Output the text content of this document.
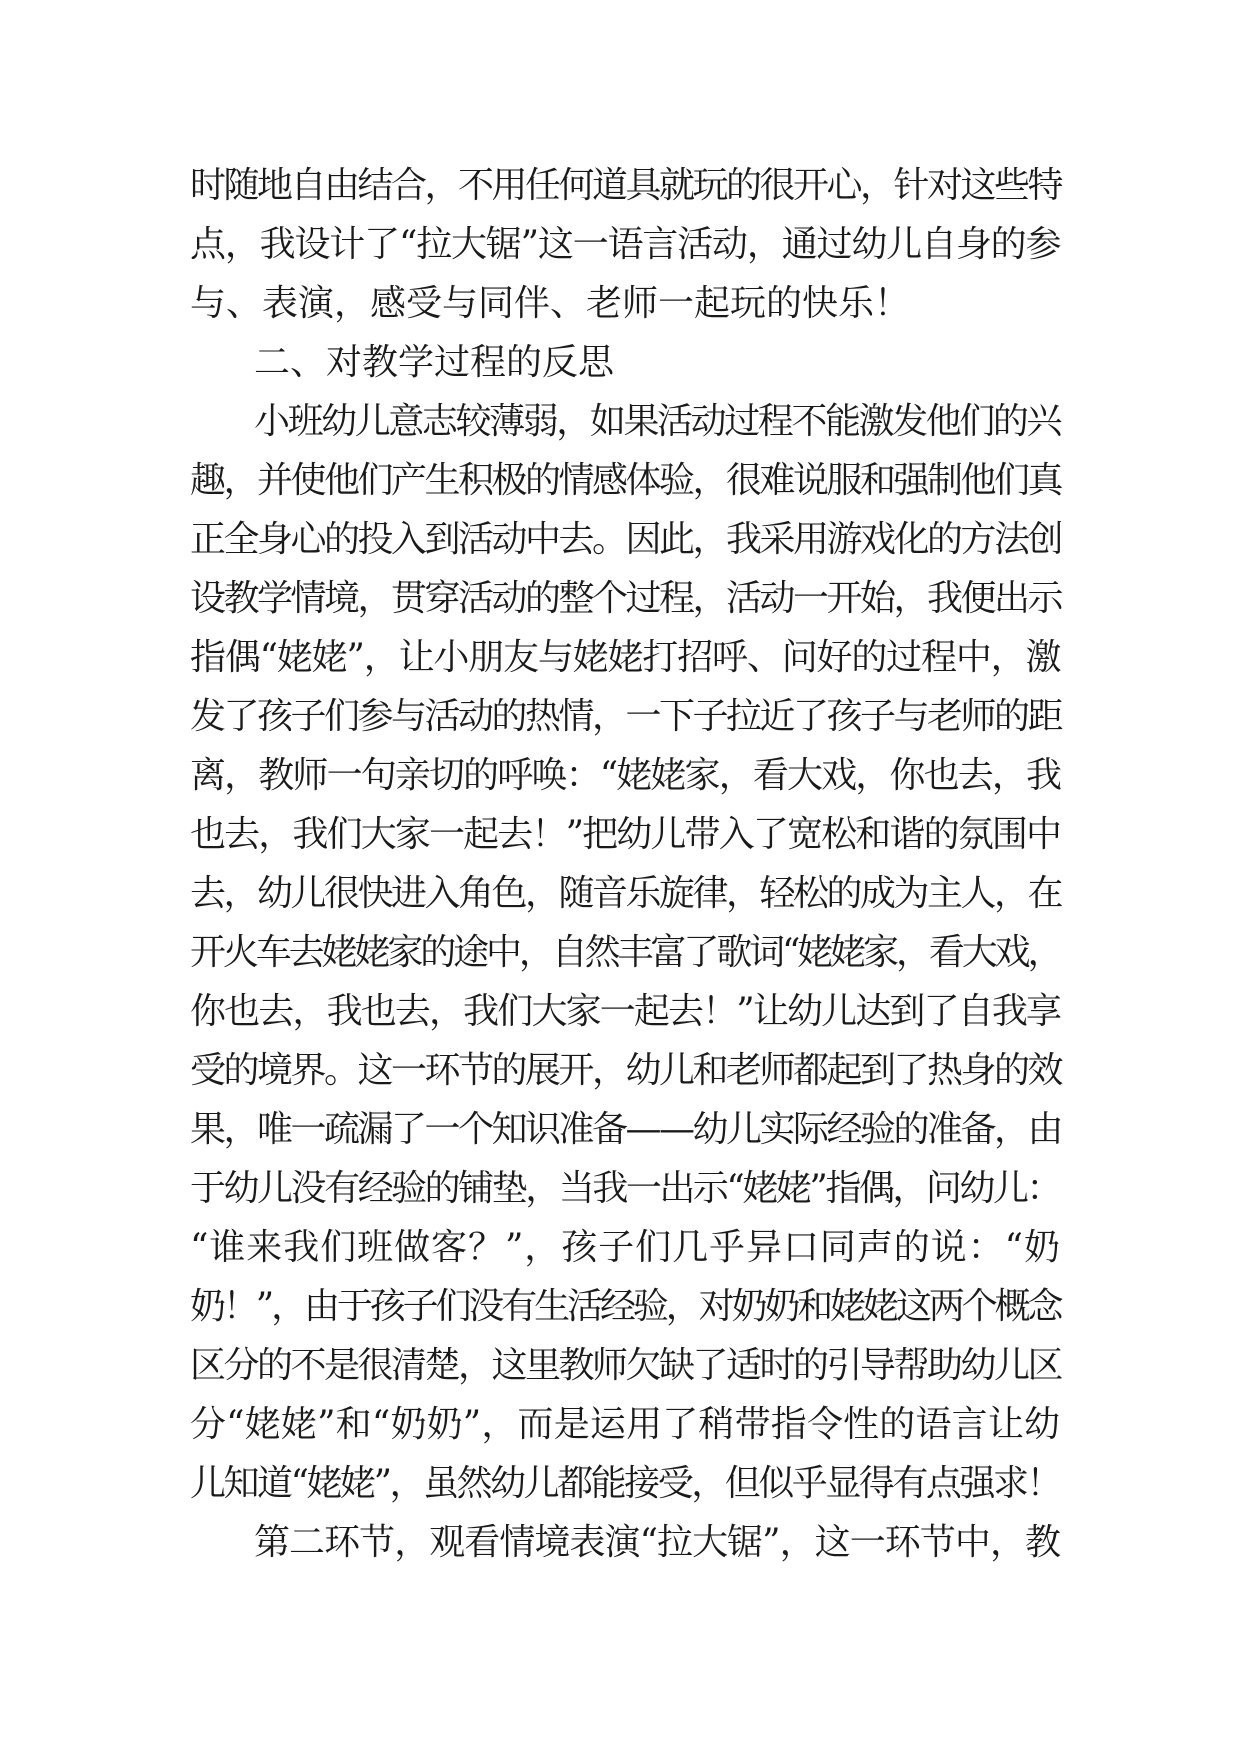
时随地自由结合，不用任何道具就玩的很开心，针对这些特
点，我设计了“拉大锯”这一语言活动，通过幼儿自身的参
与、表演，感受与同伴、老师一起玩的快乐！
二、对教学过程的反思
小班幼儿意志较薄弱，如果活动过程不能激发他们的兴
趣，并使他们产生积极的情感体验，很难说服和强制他们真
正全身心的投入到活动中去。因此，我采用游戏化的方法创
设教学情境，贯穿活动的整个过程，活动一开始，我便出示
指偶“姥姥”，让小朋友与姥姥打招呼、问好的过程中，激
发了孩子们参与活动的热情，一下子拉近了孩子与老师的距
离，教师一句亲切的呼唤：“姥姥家，看大戏，你也去，我
也去，我们大家一起去！”把幼儿带入了宽松和谐的氛围中
去，幼儿很快进入角色，随音乐旋律，轻松的成为主人，在
开火车去姥姥家的途中，自然丰富了歌词“姥姥家，看大戏，
你也去，我也去，我们大家一起去！”让幼儿达到了自我享
受的境界。这一环节的展开，幼儿和老师都起到了热身的效
果，唯一疏漏了一个知识准备——幼儿实际经验的准备，由
于幼儿没有经验的铺垫，当我一出示“姥姥”指偶，问幼儿：
“谁来我们班做客？”，孩子们几乎异口同声的说：“奶
奶！”，由于孩子们没有生活经验，对奶奶和姥姥这两个概念
区分的不是很清楚，这里教师欠缺了适时的引导帮助幼儿区
分“姥姥”和“奶奶”，而是运用了稍带指令性的语言让幼
儿知道“姥姥”，虽然幼儿都能接受，但似乎显得有点强求！
第二环节，观看情境表演“拉大锯”，这一环节中，教
